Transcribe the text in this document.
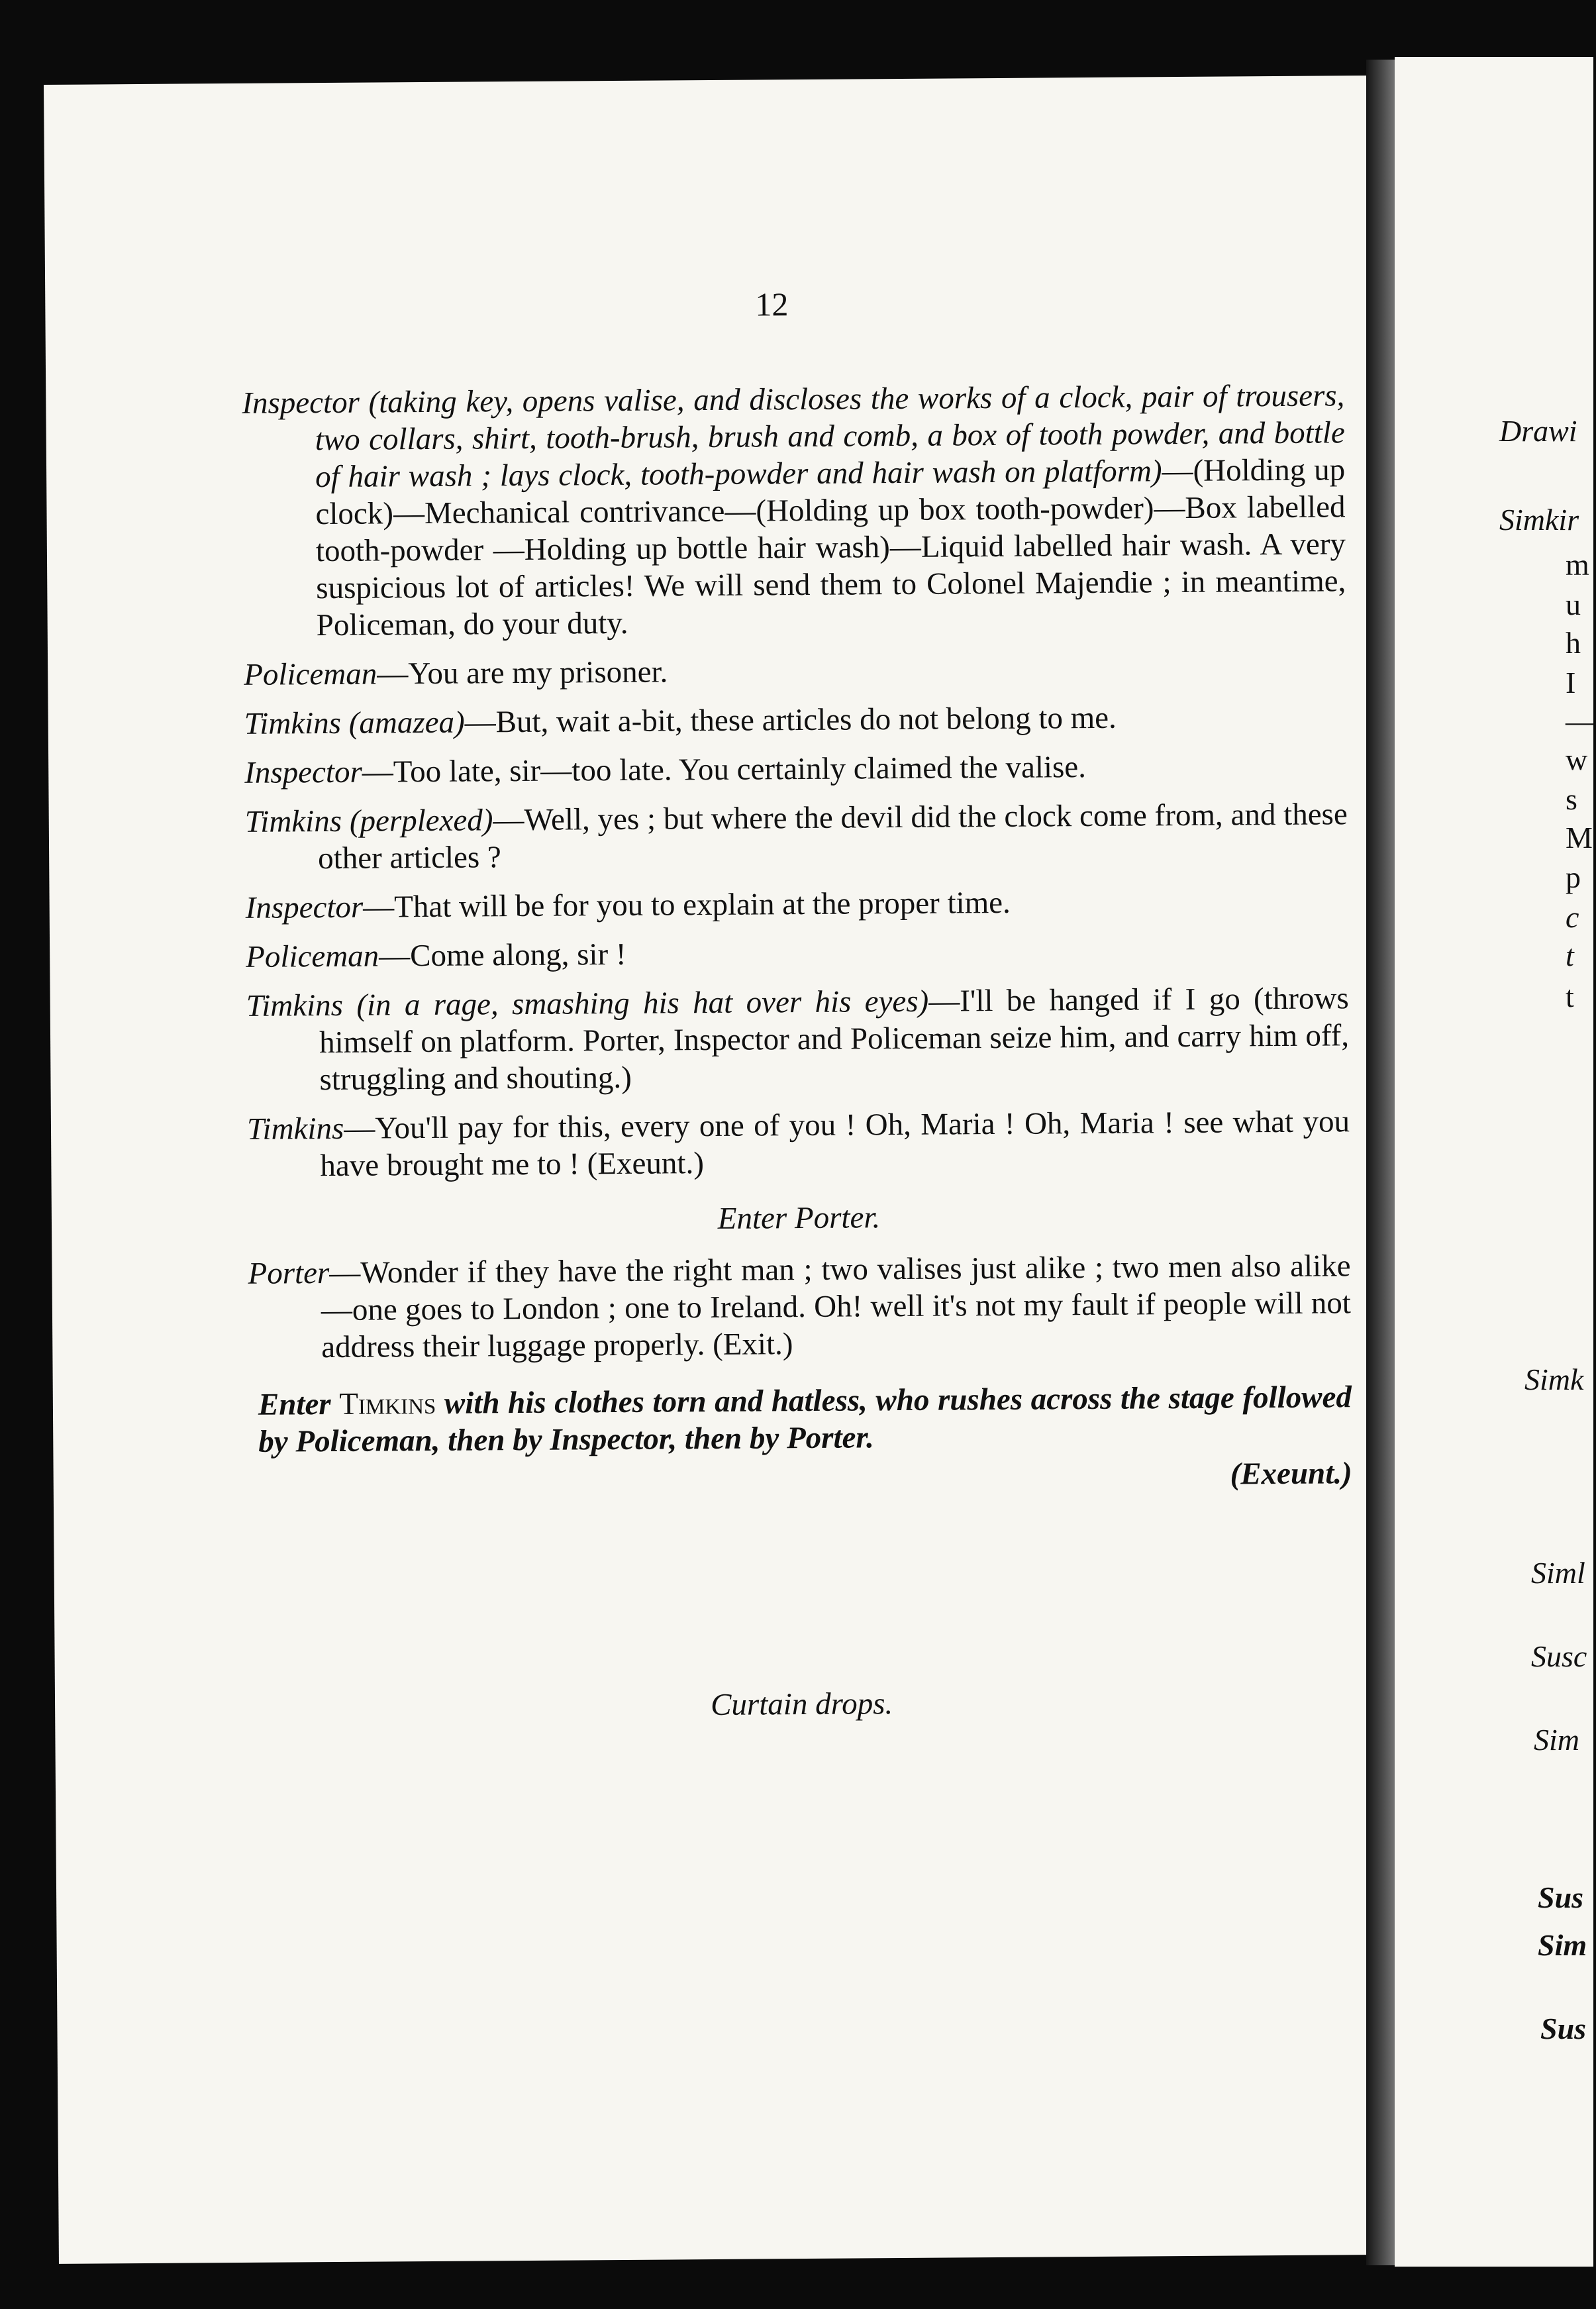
12

Inspector (taking key, opens valise, and discloses the works of a clock, pair of trousers, two collars, shirt, tooth-brush, brush and comb, a box of tooth powder, and bottle of hair wash ; lays clock, tooth-powder and hair wash on platform)—(Holding up clock)—Mechanical contrivance—(Holding up box tooth-powder)—Box labelled tooth-powder —Holding up bottle hair wash)—Liquid labelled hair wash. A very suspicious lot of articles! We will send them to Colonel Majendie ; in meantime, Policeman, do your duty.

Policeman—You are my prisoner.

Timkins (amazea)—But, wait a-bit, these articles do not belong to me.

Inspector—Too late, sir—too late. You certainly claimed the valise.

Timkins (perplexed)—Well, yes ; but where the devil did the clock come from, and these other articles ?

Inspector—That will be for you to explain at the proper time.

Policeman—Come along, sir !

Timkins (in a rage, smashing his hat over his eyes)—I'll be hanged if I go (throws himself on platform. Porter, Inspector and Policeman seize him, and carry him off, struggling and shouting.)

Timkins—You'll pay for this, every one of you ! Oh, Maria ! Oh, Maria ! see what you have brought me to ! (Exeunt.)

Enter Porter.

Porter—Wonder if they have the right man ; two valises just alike ; two men also alike—one goes to London ; one to Ireland. Oh! well it's not my fault if people will not address their luggage properly. (Exit.)

Enter Timkins with his clothes torn and hatless, who rushes across the stage followed by Policeman, then by Inspector, then by Porter.

(Exeunt.)
Curtain drops.
Drawi
Simkir
m
u
h
I
—
w
s
M
p
c
t
t
Simk
Siml
Susc
Sim
Sus
Sim
Sus
